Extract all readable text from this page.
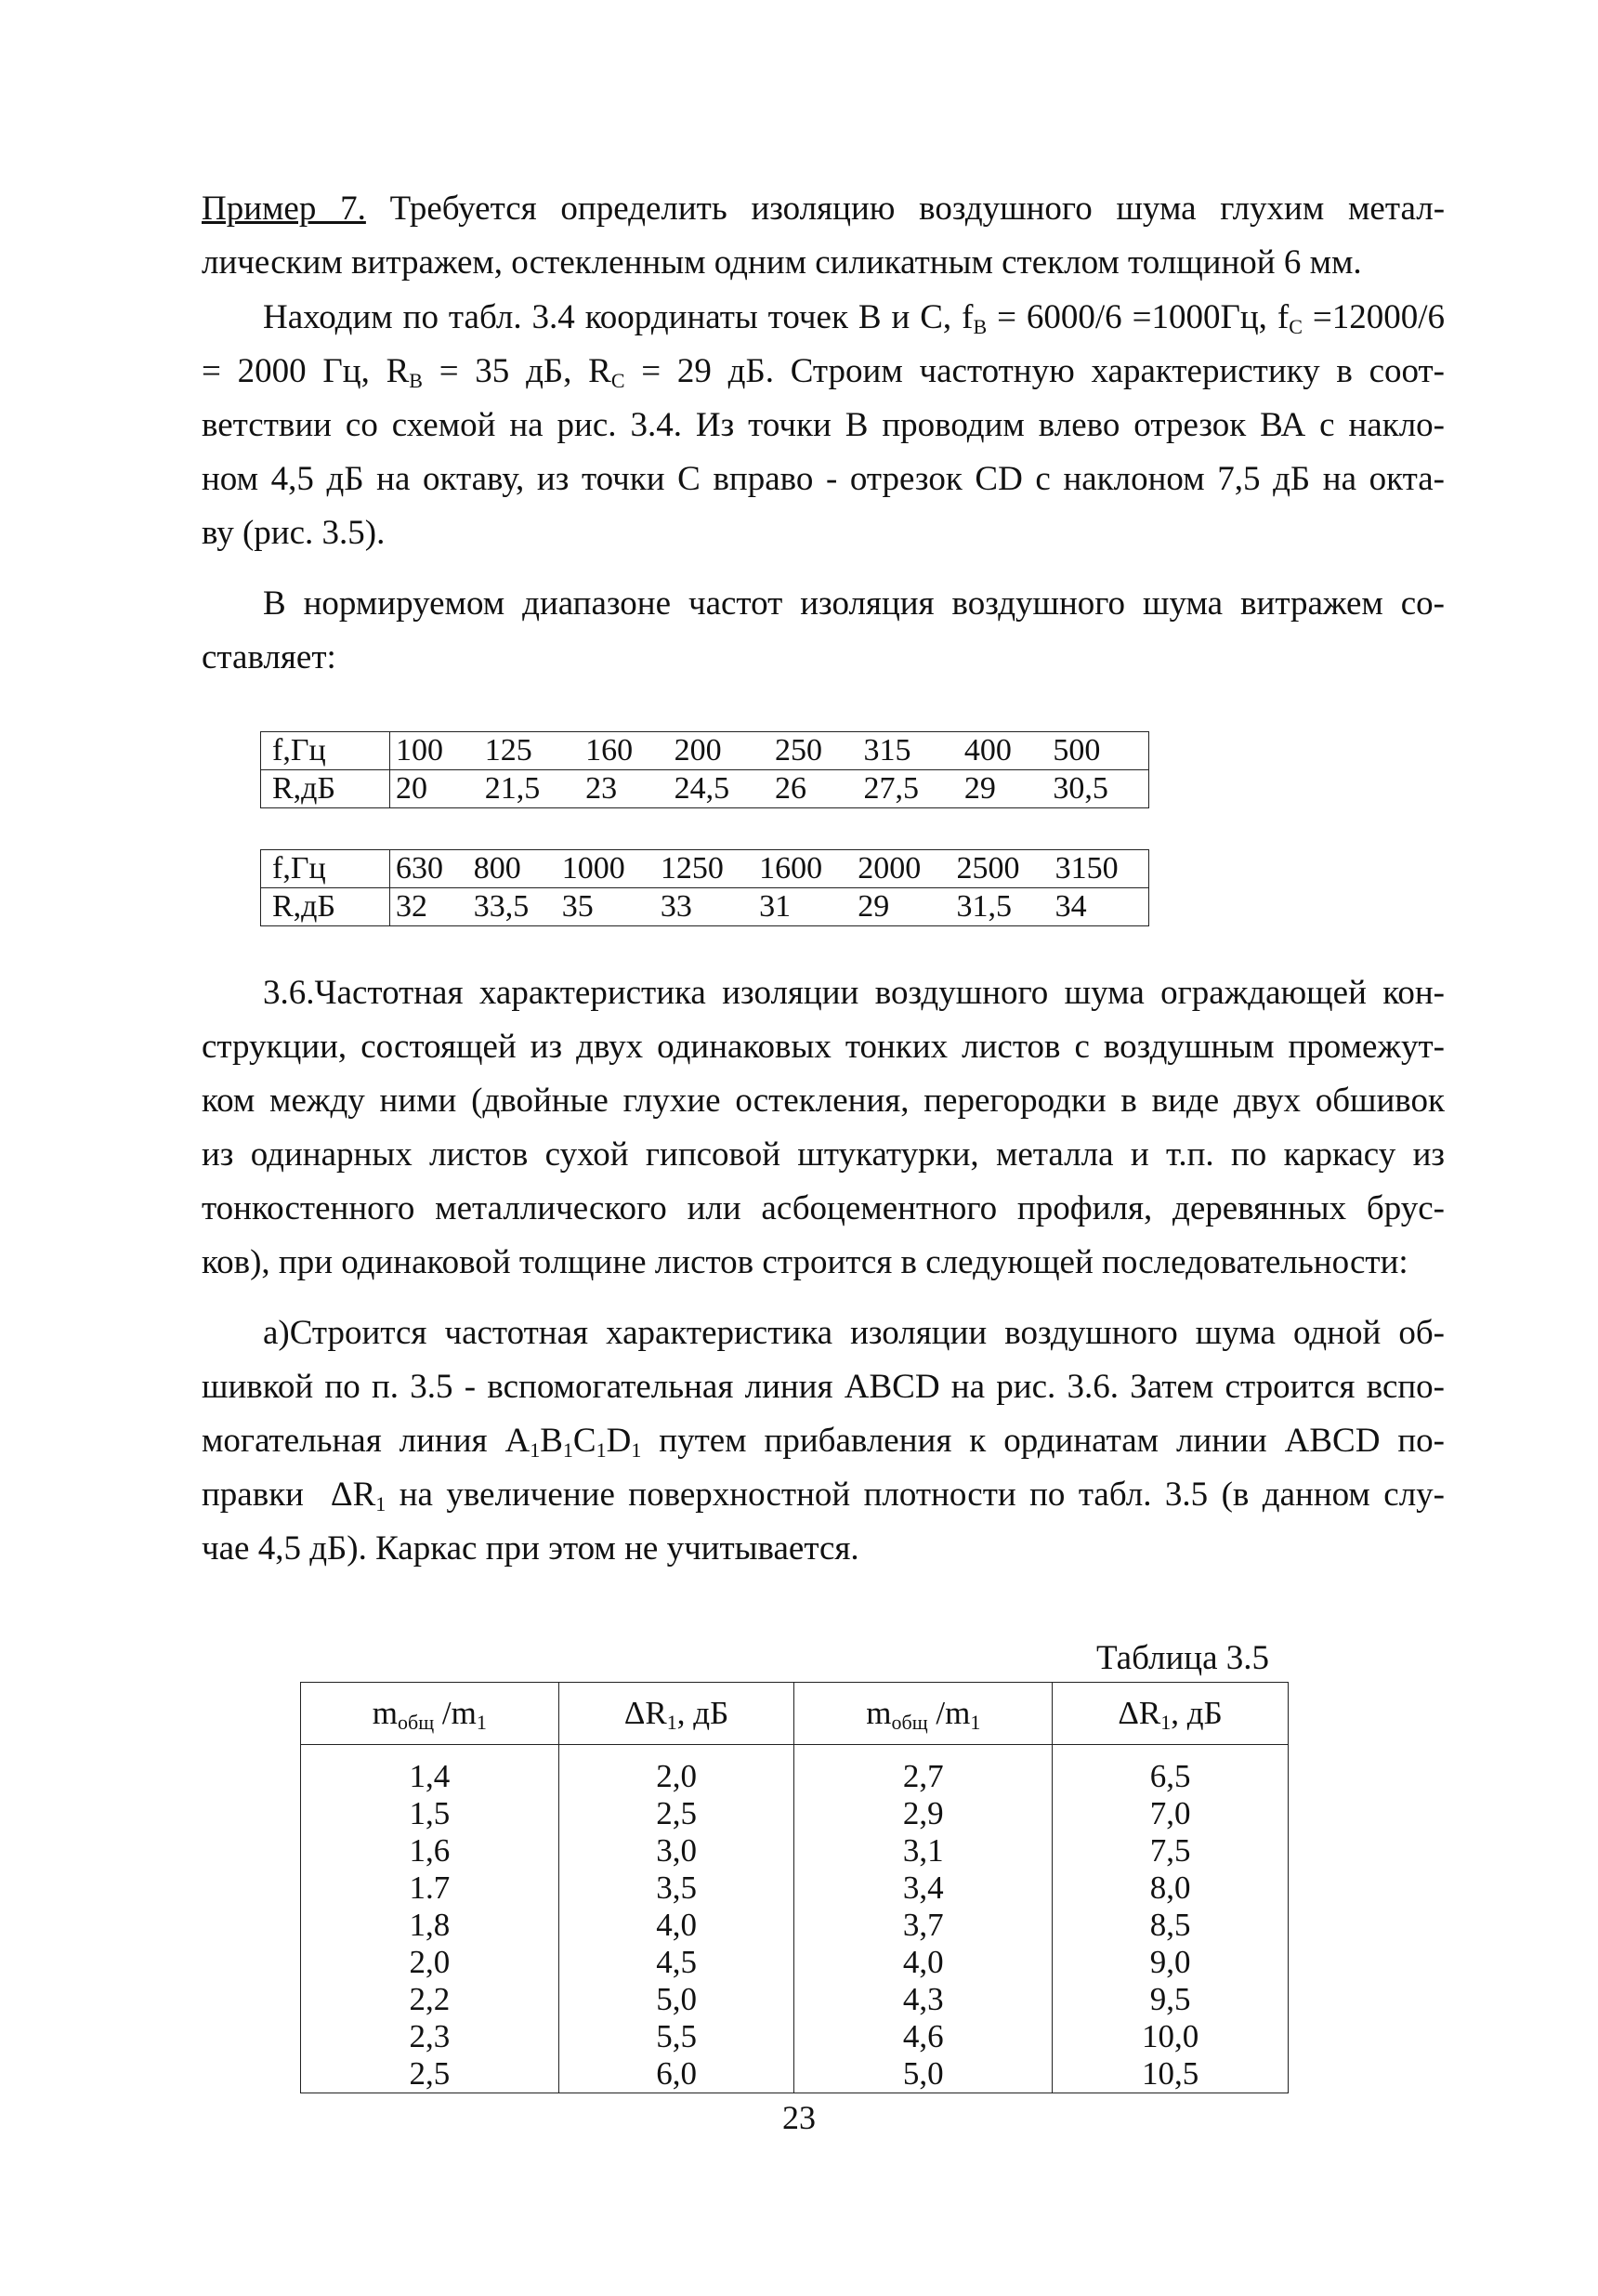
Пример 7. Требуется определить изоляцию воздушного шума глухим метал-
лическим витражем, остекленным одним силикатным стеклом толщиной 6 мм.

Находим по табл. 3.4 координаты точек В и С, $f_B = 6000/6 =1000Гц$, $f_C =12000/6$
= 2000 Гц, $R_B = 35$ дБ, $R_C = 29$ дБ. Строим частотную характеристику в соот-
ветствии со схемой на рис. 3.4. Из точки В проводим влево отрезок ВА с накло-
ном 4,5 дБ на октаву, из точки С вправо - отрезок CD с наклоном 7,5 дБ на окта-
ву (рис. 3.5).

В нормируемом диапазоне частот изоляция воздушного шума витражем со-
ставляет:

f,Гц	100	125	160	200	250	315	400	500
R,дБ	20	21,5	23	24,5	26	27,5	29	30,5
f,Гц	630	800	1000	1250	1600	2000	2500	3150
R,дБ	32	33,5	35	33	31	29	31,5	34

3.6.Частотная характеристика изоляции воздушного шума ограждающей кон-
струкции, состоящей из двух одинаковых тонких листов с воздушным промежут-
ком между ними (двойные глухие остекления, перегородки в виде двух обшивок
из одинарных листов сухой гипсовой штукатурки, металла и т.п. по каркасу из
тонкостенного металлического или асбоцементного профиля, деревянных брус-
ков), при одинаковой толщине листов строится в следующей последовательности:

а)Строится частотная характеристика изоляции воздушного шума одной об-
шивкой по п. 3.5 - вспомогательная линия ABCD на рис. 3.6. Затем строится вспо-
могательная линия $A_1B_1C_1D_1$ путем прибавления к ординатам линии ABCD по-
правки  $\Delta R_1$ на увеличение поверхностной плотности по табл. 3.5 (в данном слу-
чае 4,5 дБ). Каркас при этом не учитывается.

Таблица 3.5
$m_{общ}$ $/m_1$	$\Delta R_1$, дБ	$m_{общ}$ $/m_1$	$\Delta R_1$, дБ
1,4	2,0	2,7	6,5
1,5	2,5	2,9	7,0
1,6	3,0	3,1	7,5
1.7	3,5	3,4	8,0
1,8	4,0	3,7	8,5
2,0	4,5	4,0	9,0
2,2	5,0	4,3	9,5
2,3	5,5	4,6	10,0
2,5	6,0	5,0	10,5
23
